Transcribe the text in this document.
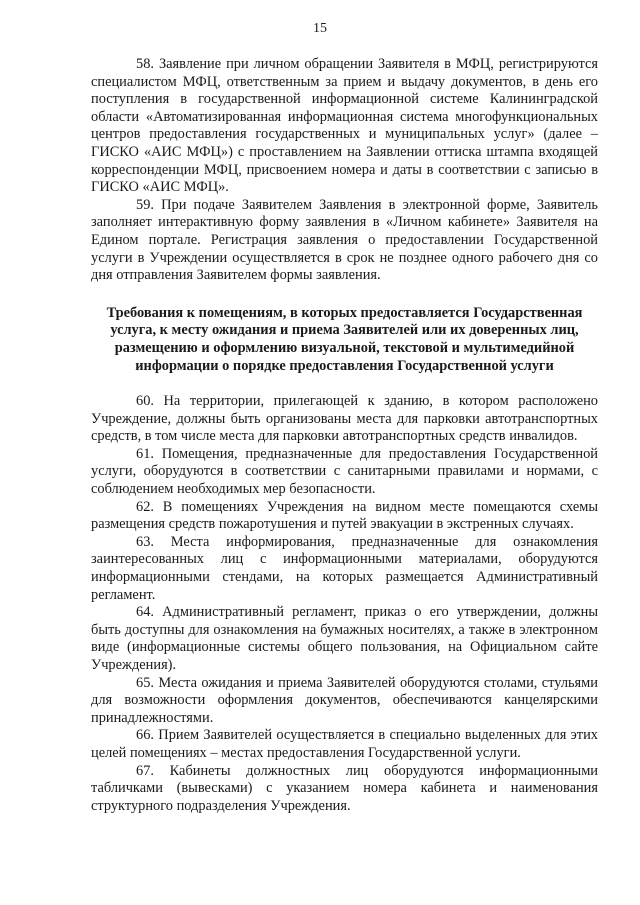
15

58. Заявление при личном обращении Заявителя в МФЦ, регистрируются специалистом МФЦ, ответственным за прием и выдачу документов, в день его поступления в государственной информационной системе Калининградской области «Автоматизированная информационная система многофункциональных центров предоставления государственных и муниципальных услуг» (далее – ГИСКО «АИС МФЦ») с проставлением на Заявлении оттиска штампа входящей корреспонденции МФЦ, присвоением номера и даты в соответствии с записью в ГИСКО «АИС МФЦ».

59. При подаче Заявителем Заявления в электронной форме, Заявитель заполняет интерактивную форму заявления в «Личном кабинете» Заявителя на Едином портале. Регистрация заявления о предоставлении Государственной услуги в Учреждении осуществляется в срок не позднее одного рабочего дня со дня отправления Заявителем формы заявления.

Требования к помещениям, в которых предоставляется Государственная услуга, к месту ожидания и приема Заявителей или их доверенных лиц, размещению и оформлению визуальной, текстовой и мультимедийной информации о порядке предоставления Государственной услуги

60. На территории, прилегающей к зданию, в котором расположено Учреждение, должны быть организованы места для парковки автотранспортных средств, в том числе места для парковки автотранспортных средств инвалидов.

61. Помещения, предназначенные для предоставления Государственной услуги, оборудуются в соответствии с санитарными правилами и нормами, с соблюдением необходимых мер безопасности.

62. В помещениях Учреждения на видном месте помещаются схемы размещения средств пожаротушения и путей эвакуации в экстренных случаях.

63. Места информирования, предназначенные для ознакомления заинтересованных лиц с информационными материалами, оборудуются информационными стендами, на которых размещается Административный регламент.

64. Административный регламент, приказ о его утверждении, должны быть доступны для ознакомления на бумажных носителях, а также в электронном виде (информационные системы общего пользования, на Официальном сайте Учреждения).

65. Места ожидания и приема Заявителей оборудуются столами, стульями для возможности оформления документов, обеспечиваются канцелярскими принадлежностями.

66. Прием Заявителей осуществляется в специально выделенных для этих целей помещениях – местах предоставления Государственной услуги.

67. Кабинеты должностных лиц оборудуются информационными табличками (вывесками) с указанием номера кабинета и наименования структурного подразделения Учреждения.
